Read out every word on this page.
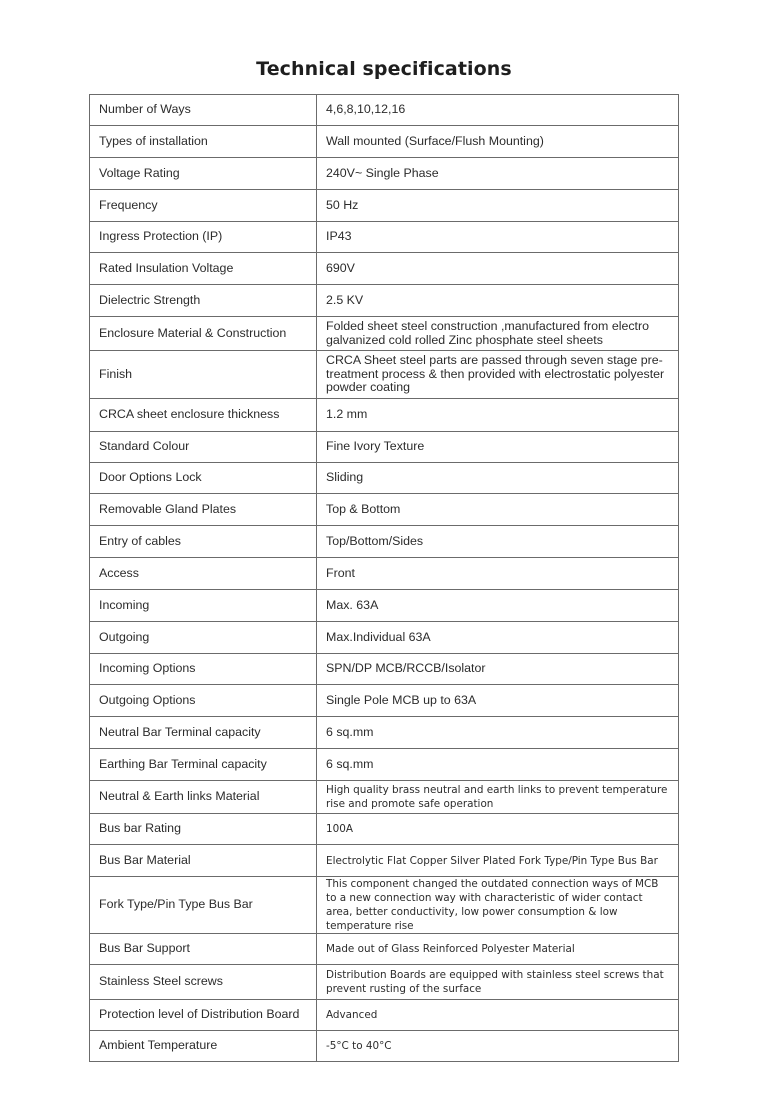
Technical specifications
Number of Ways	4,6,8,10,12,16
Types of installation	Wall mounted (Surface/Flush Mounting)
Voltage Rating	240V~ Single Phase
Frequency	50 Hz
Ingress Protection (IP)	IP43
Rated Insulation Voltage	690V
Dielectric Strength	2.5 KV
Enclosure Material & Construction	Folded sheet steel construction ,manufactured from electro galvanized cold rolled Zinc phosphate steel sheets
Finish	CRCA Sheet steel parts are passed through seven stage pre-treatment process & then provided with electrostatic polyester powder coating
CRCA sheet enclosure thickness	1.2 mm
Standard Colour	Fine Ivory Texture
Door Options Lock	Sliding
Removable Gland Plates	Top & Bottom
Entry of cables	Top/Bottom/Sides
Access	Front
Incoming	Max. 63A
Outgoing	Max.Individual 63A
Incoming Options	SPN/DP MCB/RCCB/Isolator
Outgoing Options	Single Pole MCB up to 63A
Neutral Bar Terminal capacity	6 sq.mm
Earthing Bar Terminal capacity	6 sq.mm
Neutral & Earth links Material	High quality brass neutral and earth links to prevent temperature rise and promote safe operation
Bus bar Rating	100A
Bus Bar Material	Electrolytic Flat Copper Silver Plated Fork Type/Pin Type Bus Bar
Fork Type/Pin Type Bus Bar	This component changed the outdated connection ways of MCB to a new connection way with characteristic of wider contact area, better conductivity, low power consumption & low temperature rise
Bus Bar Support	Made out of Glass Reinforced Polyester Material
Stainless Steel screws	Distribution Boards are equipped with stainless steel screws that prevent rusting of the surface
Protection level of Distribution Board	Advanced
Ambient Temperature	-5°C to 40°C
